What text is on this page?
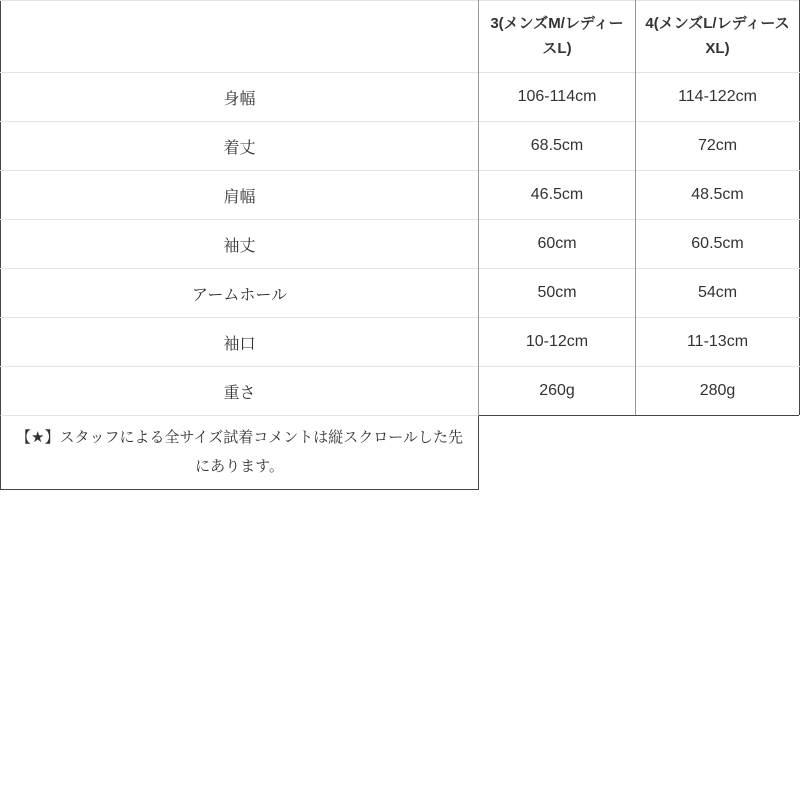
	3(メンズM/レディースL)	4(メンズL/レディースXL)
身幅	106-114cm	114-122cm
着丈	68.5cm	72cm
肩幅	46.5cm	48.5cm
袖丈	60cm	60.5cm
アームホール	50cm	54cm
袖口	10-12cm	11-13cm
重さ	260g	280g
【★】スタッフによる全サイズ試着コメントは縦スクロールした先にあります。
